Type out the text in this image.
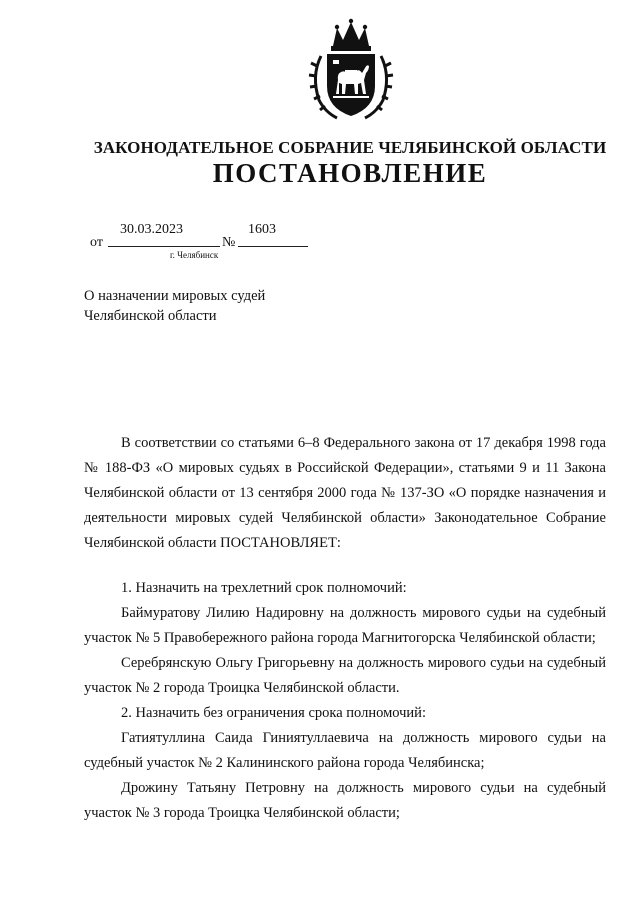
ЗАКОНОДАТЕЛЬНОЕ СОБРАНИЕ ЧЕЛЯБИНСКОЙ ОБЛАСТИ
ПОСТАНОВЛЕНИЕ
от
30.03.2023
№
1603
г. Челябинск
О назначении мировых судей
Челябинской области

В соответствии со статьями 6–8 Федерального закона от 17 декабря 1998 года № 188-ФЗ «О мировых судьях в Российской Федерации», статьями 9 и 11 Закона Челябинской области от 13 сентября 2000 года № 137-ЗО «О порядке назначения и деятельности мировых судей Челябинской области» Законодательное Собрание Челябинской области ПОСТАНОВЛЯЕТ:

1. Назначить на трехлетний срок полномочий:

Баймуратову Лилию Надировну на должность мирового судьи на судебный участок № 5 Правобережного района города Магнитогорска Челябинской области;

Серебрянскую Ольгу Григорьевну на должность мирового судьи на судебный участок № 2 города Троицка Челябинской области.

2. Назначить без ограничения срока полномочий:

Гатиятуллина Саида Гиниятуллаевича на должность мирового судьи на судебный участок № 2 Калининского района города Челябинска;

Дрожину Татьяну Петровну на должность мирового судьи на судебный участок № 3 города Троицка Челябинской области;
